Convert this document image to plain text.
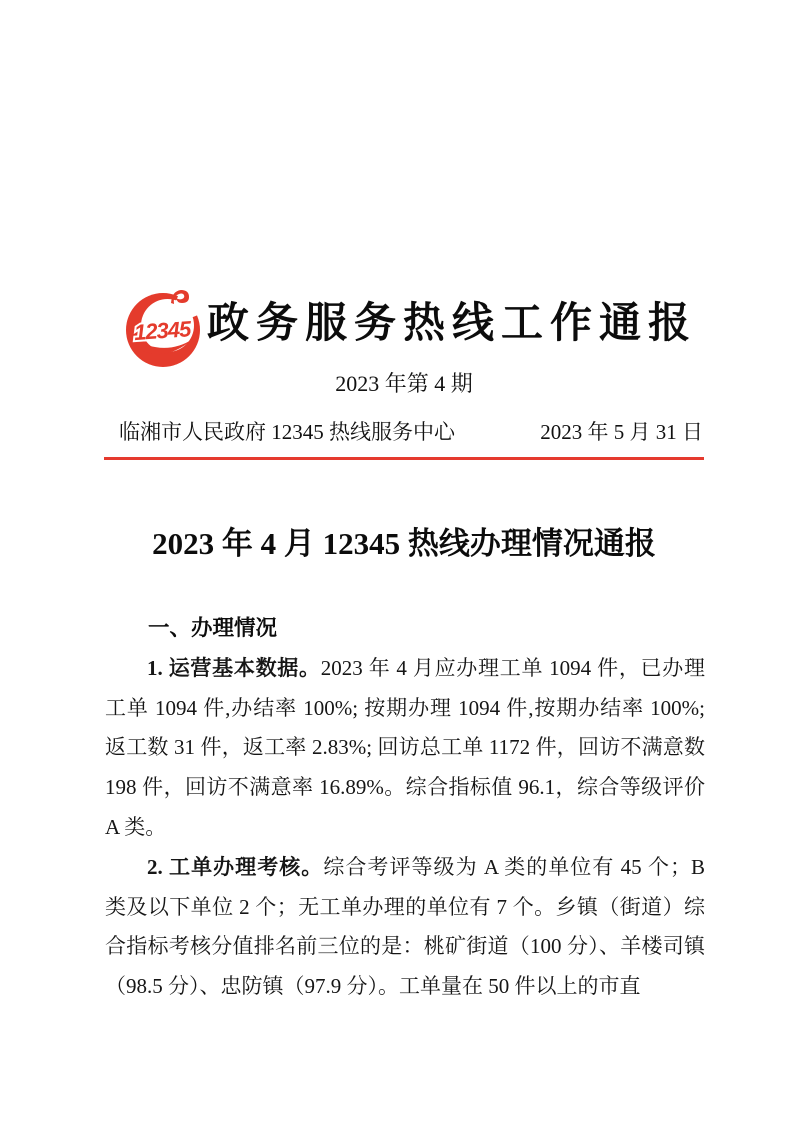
12345 政务服务热线工作通报
2023 年第 4 期
临湘市人民政府 12345 热线服务中心	2023 年 5 月 31 日
2023 年 4 月 12345 热线办理情况通报

一、办理情况

1. 运营基本数据。2023 年 4 月应办理工单 1094 件，已办理工单 1094 件,办结率 100%; 按期办理 1094 件,按期办结率 100%; 返工数 31 件，返工率 2.83%; 回访总工单 1172 件，回访不满意数 198 件，回访不满意率 16.89%。综合指标值 96.1，综合等级评价 A 类。

2. 工单办理考核。综合考评等级为 A 类的单位有 45 个；B 类及以下单位 2 个；无工单办理的单位有 7 个。乡镇（街道）综合指标考核分值排名前三位的是：桃矿街道（100 分）、羊楼司镇（98.5 分）、忠防镇（97.9 分）。工单量在 50 件以上的市直
